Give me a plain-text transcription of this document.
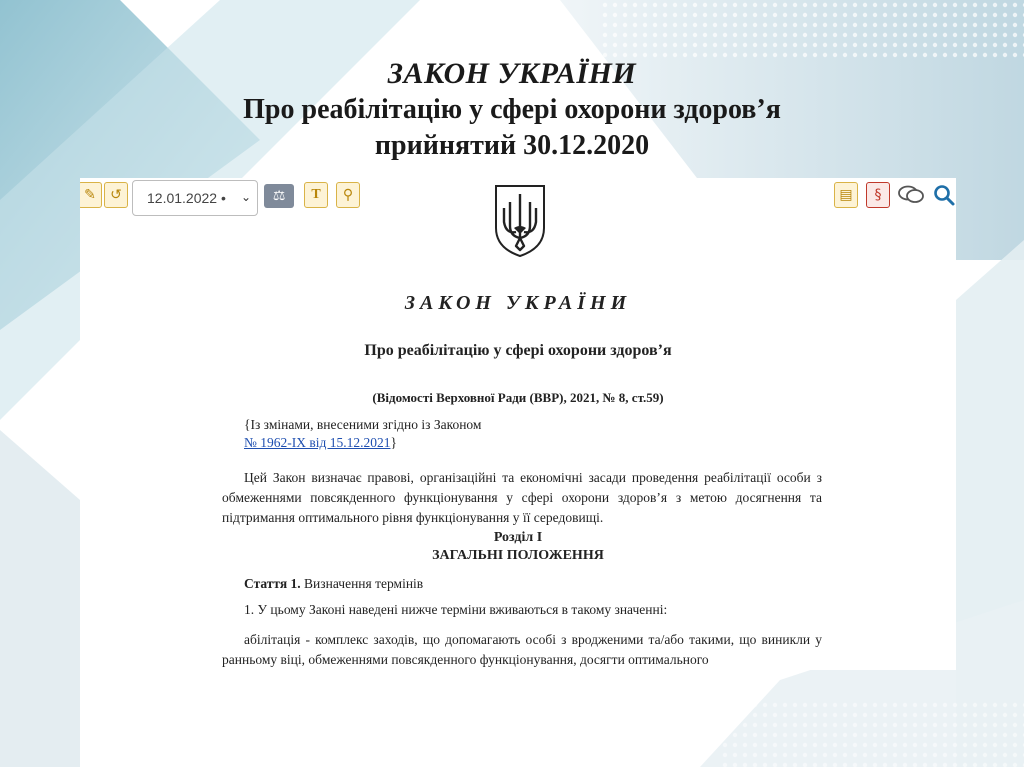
ЗАКОН УКРАЇНИ
Про реабілітацію у сфері охорони здоров’я
прийнятий 30.12.2020
✎	↺	12.01.2022 • ⌄	⚖	T	⚲	▤	§
ЗАКОН УКРАЇНИ
Про реабілітацію у сфері охорони здоров’я
(Відомості Верховної Ради (ВВР), 2021, № 8, ст.59)
{Із змінами, внесеними згідно із Законом
№ 1962-IX від 15.12.2021}
Цей Закон визначає правові, організаційні та економічні засади проведення реабілітації особи з обмеженнями повсякденного функціонування у сфері охорони здоров’я з метою досягнення та підтримання оптимального рівня функціонування у її середовищі.
Розділ I
ЗАГАЛЬНІ ПОЛОЖЕННЯ
Стаття 1. Визначення термінів
1. У цьому Законі наведені нижче терміни вживаються в такому значенні:
абілітація - комплекс заходів, що допомагають особі з вродженими та/або такими, що виникли у ранньому віці, обмеженнями повсякденного функціонування, досягти оптимального
